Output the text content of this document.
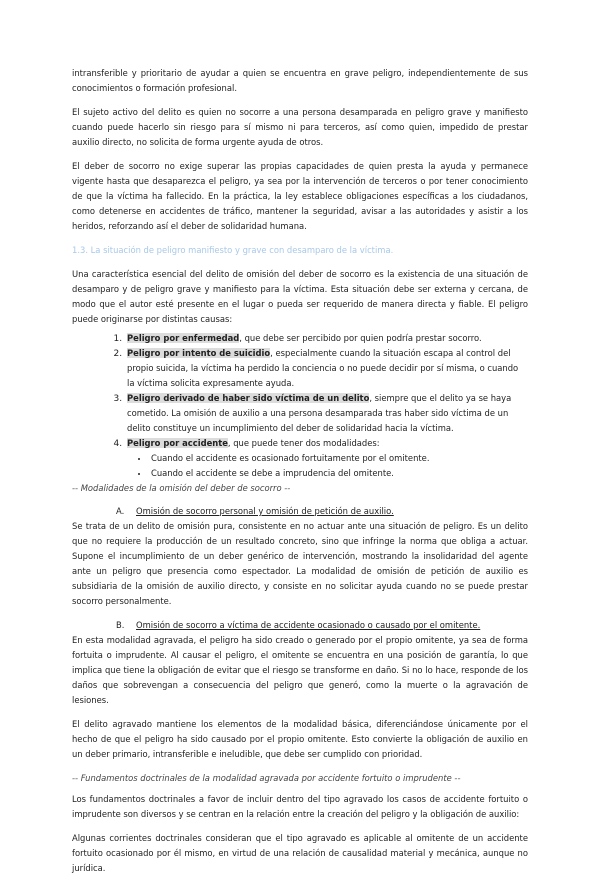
intransferible y prioritario de ayudar a quien se encuentra en grave peligro, independientemente de sus conocimientos o formación profesional.

El sujeto activo del delito es quien no socorre a una persona desamparada en peligro grave y manifiesto cuando puede hacerlo sin riesgo para sí mismo ni para terceros, así como quien, impedido de prestar auxilio directo, no solicita de forma urgente ayuda de otros.

El deber de socorro no exige superar las propias capacidades de quien presta la ayuda y permanece vigente hasta que desaparezca el peligro, ya sea por la intervención de terceros o por tener conocimiento de que la víctima ha fallecido. En la práctica, la ley establece obligaciones específicas a los ciudadanos, como detenerse en accidentes de tráfico, mantener la seguridad, avisar a las autoridades y asistir a los heridos, reforzando así el deber de solidaridad humana.

1.3. La situación de peligro manifiesto y grave con desamparo de la víctima.

Una característica esencial del delito de omisión del deber de socorro es la existencia de una situación de desamparo y de peligro grave y manifiesto para la víctima. Esta situación debe ser externa y cercana, de modo que el autor esté presente en el lugar o pueda ser requerido de manera directa y fiable. El peligro puede originarse por distintas causas:

1. Peligro por enfermedad, que debe ser percibido por quien podría prestar socorro.
2. Peligro por intento de suicidio, especialmente cuando la situación escapa al control del propio suicida, la víctima ha perdido la conciencia o no puede decidir por sí misma, o cuando la víctima solicita expresamente ayuda.
3. Peligro derivado de haber sido víctima de un delito, siempre que el delito ya se haya cometido. La omisión de auxilio a una persona desamparada tras haber sido víctima de un delito constituye un incumplimiento del deber de solidaridad hacia la víctima.
4. Peligro por accidente, que puede tener dos modalidades:
• Cuando el accidente es ocasionado fortuitamente por el omitente.
• Cuando el accidente se debe a imprudencia del omitente.
-- Modalidades de la omisión del deber de socorro --
A. Omisión de socorro personal y omisión de petición de auxilio.

Se trata de un delito de omisión pura, consistente en no actuar ante una situación de peligro. Es un delito que no requiere la producción de un resultado concreto, sino que infringe la norma que obliga a actuar. Supone el incumplimiento de un deber genérico de intervención, mostrando la insolidaridad del agente ante un peligro que presencia como espectador. La modalidad de omisión de petición de auxilio es subsidiaria de la omisión de auxilio directo, y consiste en no solicitar ayuda cuando no se puede prestar socorro personalmente.

B. Omisión de socorro a víctima de accidente ocasionado o causado por el omitente.

En esta modalidad agravada, el peligro ha sido creado o generado por el propio omitente, ya sea de forma fortuita o imprudente. Al causar el peligro, el omitente se encuentra en una posición de garantía, lo que implica que tiene la obligación de evitar que el riesgo se transforme en daño. Si no lo hace, responde de los daños que sobrevengan a consecuencia del peligro que generó, como la muerte o la agravación de lesiones.

El delito agravado mantiene los elementos de la modalidad básica, diferenciándose únicamente por el hecho de que el peligro ha sido causado por el propio omitente. Esto convierte la obligación de auxilio en un deber primario, intransferible e ineludible, que debe ser cumplido con prioridad.

-- Fundamentos doctrinales de la modalidad agravada por accidente fortuito o imprudente --

Los fundamentos doctrinales a favor de incluir dentro del tipo agravado los casos de accidente fortuito o imprudente son diversos y se centran en la relación entre la creación del peligro y la obligación de auxilio:

Algunas corrientes doctrinales consideran que el tipo agravado es aplicable al omitente de un accidente fortuito ocasionado por él mismo, en virtud de una relación de causalidad material y mecánica, aunque no jurídica.
